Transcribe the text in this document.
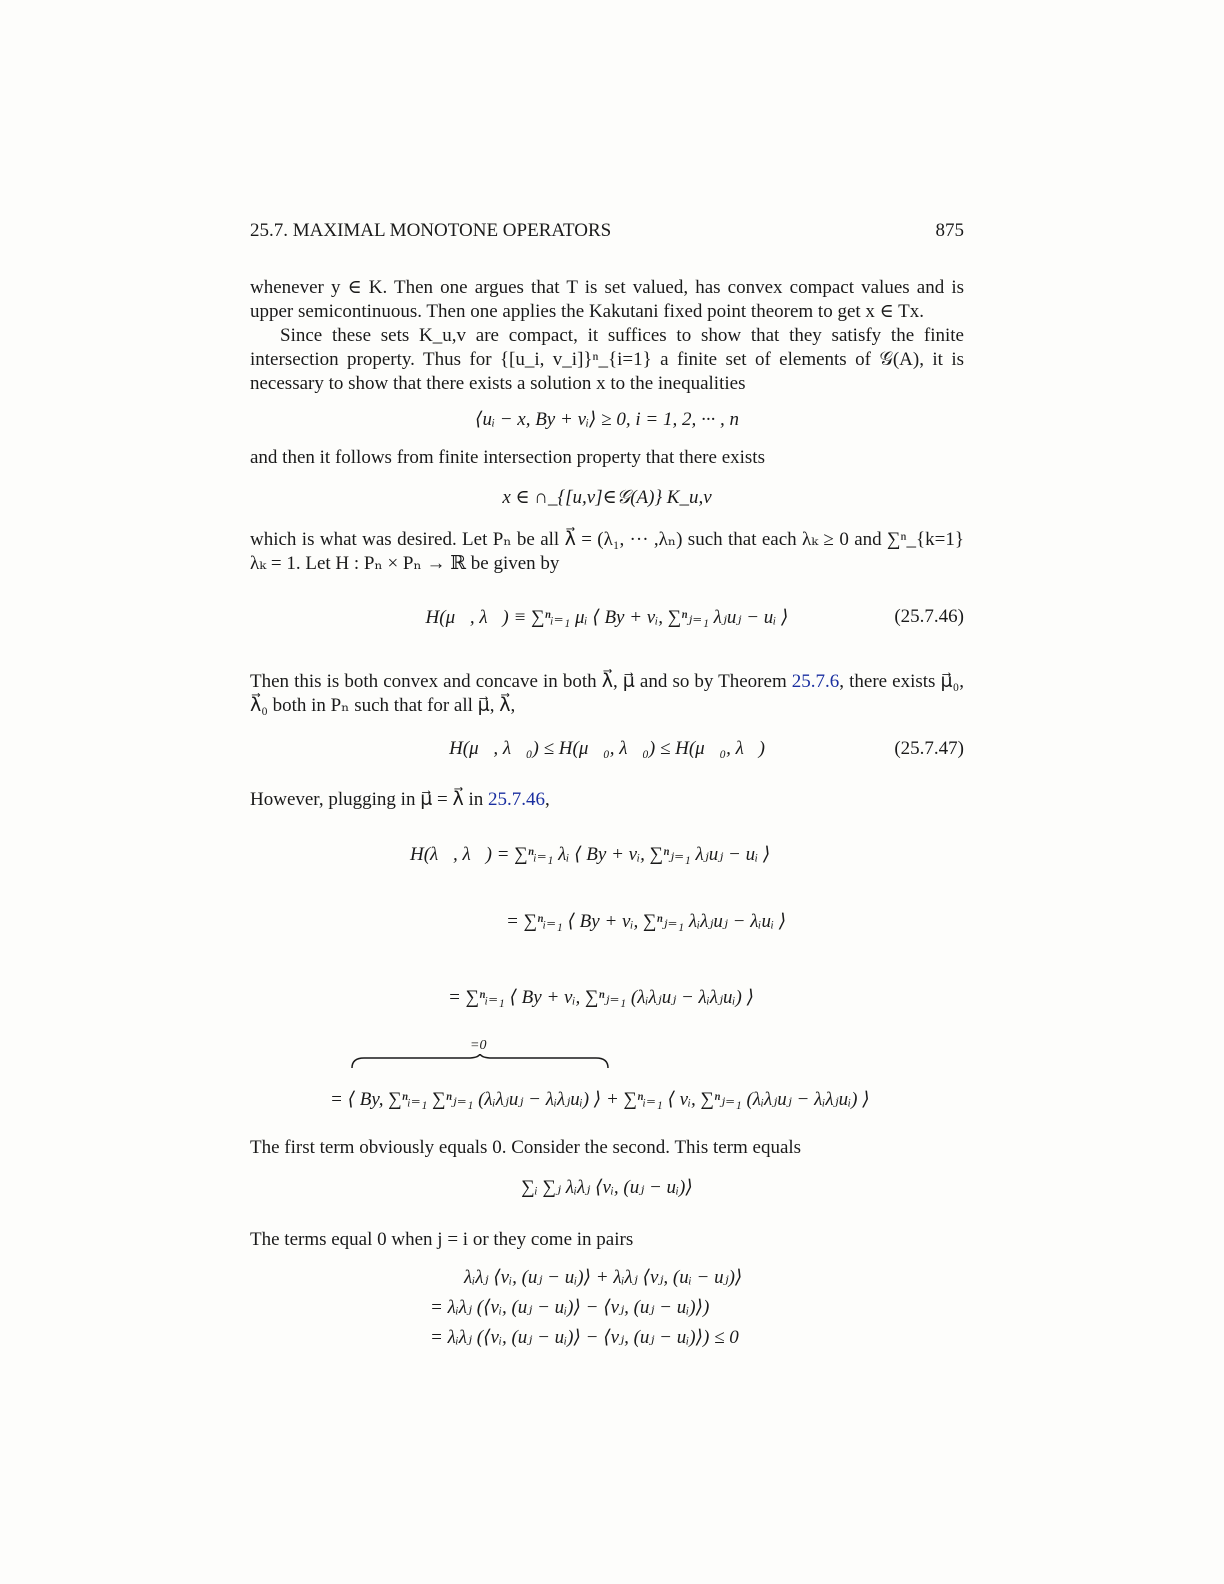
25.7. MAXIMAL MONOTONE OPERATORS	875
whenever y ∈ K. Then one argues that T is set valued, has convex compact values and is upper semicontinuous. Then one applies the Kakutani fixed point theorem to get x ∈ Tx.
Since these sets K_u,v are compact, it suffices to show that they satisfy the finite intersection property. Thus for {[u_i, v_i]}ⁿ_{i=1} a finite set of elements of 𝒢(A), it is necessary to show that there exists a solution x to the inequalities
⟨uᵢ − x, By + vᵢ⟩ ≥ 0, i = 1, 2, ··· , n
and then it follows from finite intersection property that there exists
x ∈ ∩_{[u,v]∈𝒢(A)} K_u,v
which is what was desired. Let Pₙ be all λ⃗ = (λ₁, ··· ,λₙ) such that each λₖ ≥ 0 and ∑ⁿ_{k=1} λₖ = 1. Let H : Pₙ × Pₙ → ℝ be given by
H(μ⃗, λ⃗) ≡ ∑ⁿᵢ₌₁ μᵢ ⟨ By + vᵢ, ∑ⁿⱼ₌₁ λⱼuⱼ − uᵢ ⟩	(25.7.46)
Then this is both convex and concave in both λ⃗, μ⃗ and so by Theorem 25.7.6, there exists μ⃗₀, λ⃗₀ both in Pₙ such that for all μ⃗, λ⃗,
H(μ⃗, λ⃗₀) ≤ H(μ⃗₀, λ⃗₀) ≤ H(μ⃗₀, λ⃗)	(25.7.47)
However, plugging in μ⃗ = λ⃗ in 25.7.46,
H(λ⃗, λ⃗) = ∑ⁿᵢ₌₁ λᵢ ⟨ By + vᵢ, ∑ⁿⱼ₌₁ λⱼuⱼ − uᵢ ⟩
= ∑ⁿᵢ₌₁ ⟨ By + vᵢ, ∑ⁿⱼ₌₁ λᵢλⱼuⱼ − λᵢuᵢ ⟩
= ∑ⁿᵢ₌₁ ⟨ By + vᵢ, ∑ⁿⱼ₌₁ (λᵢλⱼuⱼ − λᵢλⱼuᵢ) ⟩
=0
= ⟨ By, ∑ⁿᵢ₌₁ ∑ⁿⱼ₌₁ (λᵢλⱼuⱼ − λᵢλⱼuᵢ) ⟩ + ∑ⁿᵢ₌₁ ⟨ vᵢ, ∑ⁿⱼ₌₁ (λᵢλⱼuⱼ − λᵢλⱼuᵢ) ⟩
The first term obviously equals 0. Consider the second. This term equals
∑ᵢ ∑ⱼ λᵢλⱼ ⟨vᵢ, (uⱼ − uᵢ)⟩
The terms equal 0 when j = i or they come in pairs
λᵢλⱼ ⟨vᵢ, (uⱼ − uᵢ)⟩ + λᵢλⱼ ⟨vⱼ, (uᵢ − uⱼ)⟩
= λᵢλⱼ (⟨vᵢ, (uⱼ − uᵢ)⟩ − ⟨vⱼ, (uⱼ − uᵢ)⟩)
= λᵢλⱼ (⟨vᵢ, (uⱼ − uᵢ)⟩ − ⟨vⱼ, (uⱼ − uᵢ)⟩) ≤ 0
